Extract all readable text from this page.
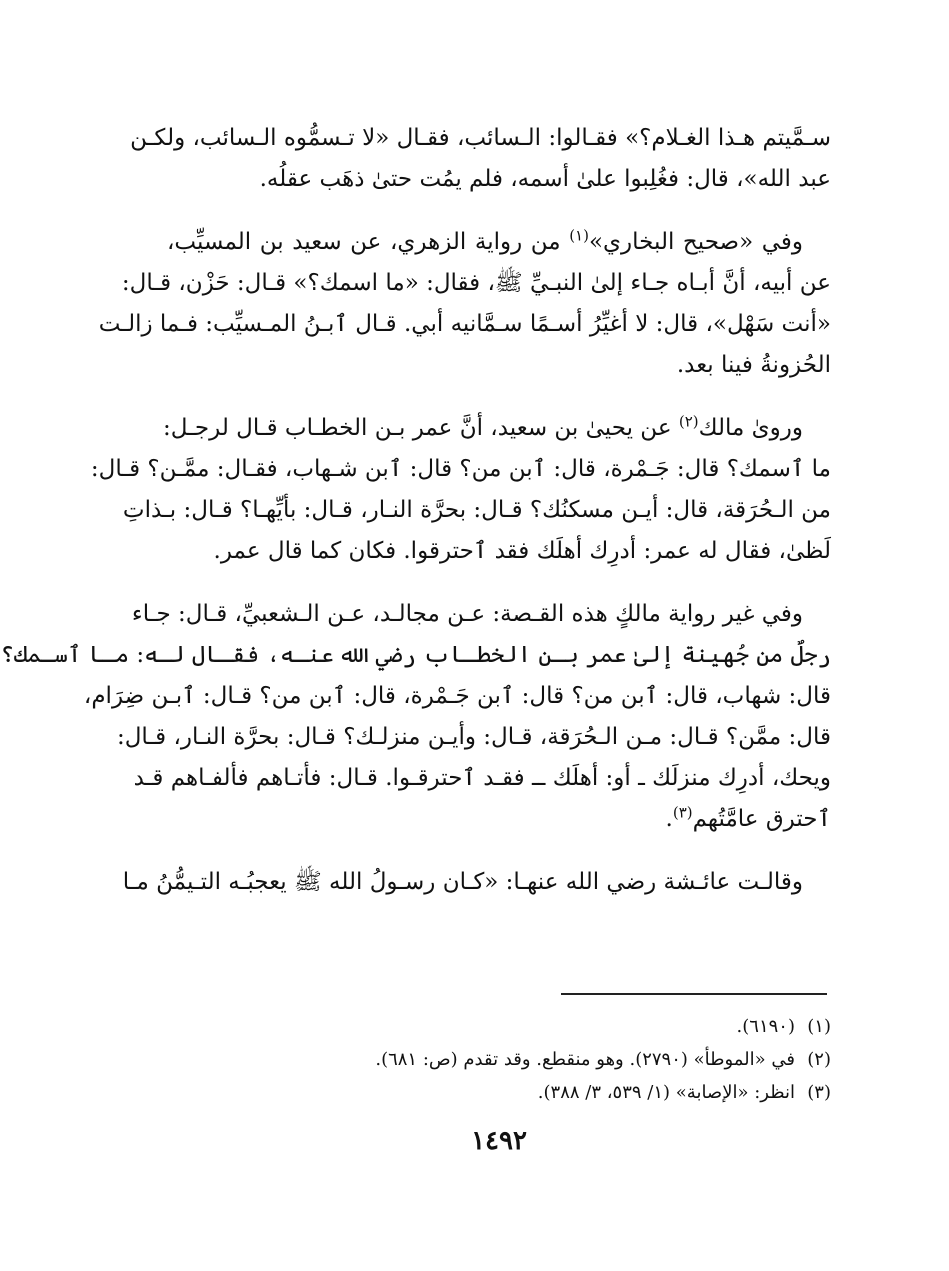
سـمَّيتم هـذا الغـلام؟» فقـالوا: الـسائب، فقـال «لا تـسمُّوه الـسائب، ولكـن
عبد الله»، قال: فغُلِبوا علىٰ أسمه، فلم يمُت حتىٰ ذهَب عقلُه.

وفي «صحيح البخاري»$^{(١)}$ من رواية الزهري، عن سعيد بن المسيِّب،
عن أبيه، أنَّ أبـاه جـاء إلىٰ النبـيِّ ﷺ، فقال: «ما اسمك؟» قـال: حَزْن، قـال:
«أنت سَهْل»، قال: لا أغيِّرُ أسـمًا سـمَّانيه أبي. قـال ٱبـنُ المـسيِّب: فـما زالـت
الحُزونةُ فينا بعد.

وروىٰ مالك$^{(٢)}$ عن يحيىٰ بن سعيد، أنَّ عمر بـن الخطـاب قـال لرجـل:
ما ٱسمك؟ قال: جَـمْرة، قال: ٱبن من؟ قال: ٱبن شـهاب، فقـال: ممَّـن؟ قـال:
من الـحُرَقة، قال: أيـن مسكنُك؟ قـال: بحرَّة النـار، قـال: بأيِّهـا؟ قـال: بـذاتِ
لَظىٰ، فقال له عمر: أدرِك أهلَك فقد ٱحترقوا. فكان كما قال عمر.

وفي غير رواية مالكٍ هذه القـصة: عـن مجالـد، عـن الـشعبيِّ، قـال: جـاء
رجلٌ من جُهينة إلىٰ عمر بـن الخطـاب رضي الله عنـه، فقـال لـه: مـا ٱسـمك؟
قال: شهاب، قال: ٱبن من؟ قال: ٱبن جَـمْرة، قال: ٱبن من؟ قـال: ٱبـن ضِرَام،
قال: ممَّن؟ قـال: مـن الـحُرَقة، قـال: وأيـن منزلـك؟ قـال: بحرَّة النـار، قـال:
ويحك، أدرِك منزلَك ـ أو: أهلَك ــ فقـد ٱحترقـوا. قـال: فأتـاهم فألفـاهم قـد
ٱحترق عامَّتُهم$^{(٣)}$.

وقالـت عائـشة رضي الله عنهـا: «كـان رسـولُ الله ﷺ يعجبُـه التـيمُّنُ مـا

(١)(٦١٩٠).
(٢)في «الموطأ» (٢٧٩٠). وهو منقطع. وقد تقدم (ص: ٦٨١).
(٣)انظر: «الإصابة» (١/ ٥٣٩، ٣/ ٣٨٨).
١٤٩٢
